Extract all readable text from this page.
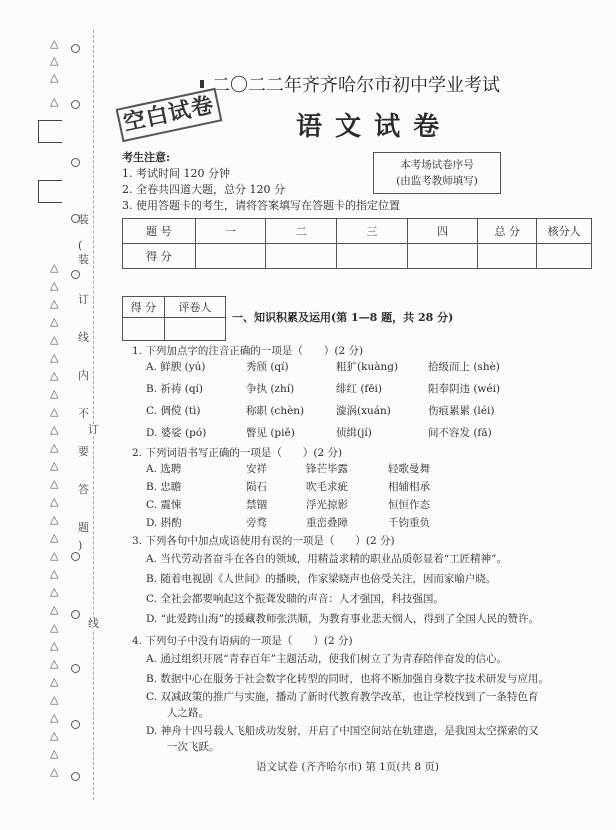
△
△
△
△
△
△
△
△
△
△
△
△
△
△
△
△
△
△
△
△
△
△
△
△
△
△
△
△
△
△
△
△
△
装
(
装
订
线
内
不
要
答
题
)
订
线
二〇二二年齐齐哈尔市初中学业考试
空白试卷	语 文 试 卷
考生注意:
1. 考试时间 120 分钟
2. 全卷共四道大题，总分 120 分
3. 使用答题卡的考生，请将答案填写在答题卡的指定位置
本考场试卷序号
(由监考教师填写)
题 号	一	二	三	四	总 分	核分人
得 分						
得 分	评卷人

一、知识积累及运用(第 1—8 题，共 28 分)
1. 下列加点字的注音正确的一项是（　　）(2 分)
A. 鲜腴 (yú)	秀颀 (qí)	粗犷(kuàng)	拾级而上 (shè)
B. 祈祷 (qí)	争执 (zhí)	绯红 (fēi)	阳奉阴违 (wéi)
C. 倜傥 (tì)	称职 (chèn)	漩涡(xuán)	伤痕累累 (léi)
D. 婆娑 (pó)	瞥见 (piě)	侦缉(jí)	间不容发 (fā)
2. 下列词语书写正确的一项是（　　）(2 分)
A. 选聘	安祥	锋芒毕露	轻歌曼舞
B. 忠瞻	陨石	吹毛求疵	相辅相承
C. 震悚	禁锢	浮光掠影	恒恒作态
D. 斟酌	旁骛	重峦叠障	千钧重负
3. 下列各句中加点成语使用有误的一项是（　　）(2 分)
A. 当代劳动者奋斗在各自的领域，用精益求精的职业品质彰显着“工匠精神”。
B. 随着电视剧《人世间》的播映，作家梁晓声也倍受关注，因而家喻户晓。
C. 全社会都要响起这个振聋发聩的声音：人才强国，科技强国。
D. “此爱跨山海”的援藏教师张洪顺，为教育事业悲天悯人，得到了全国人民的赞许。
4. 下列句子中没有语病的一项是（　　）(2 分)
A. 通过组织开展“青春百年”主题活动，使我们树立了为青春陪伴奋发的信心。
B. 数据中心在服务于社会数字化转型的同时，也将不断加强自身数字技术研发与应用。
C. 双减政策的推广与实施，播动了新时代教育教学改革，也让学校找到了一条特色育
　　人之路。
D. 神舟十四号载人飞船成功发射，开启了中国空间站在轨建造，是我国太空探索的又
　　一次飞跃。
语文试卷 (齐齐哈尔市) 第 1页(共 8 页)
